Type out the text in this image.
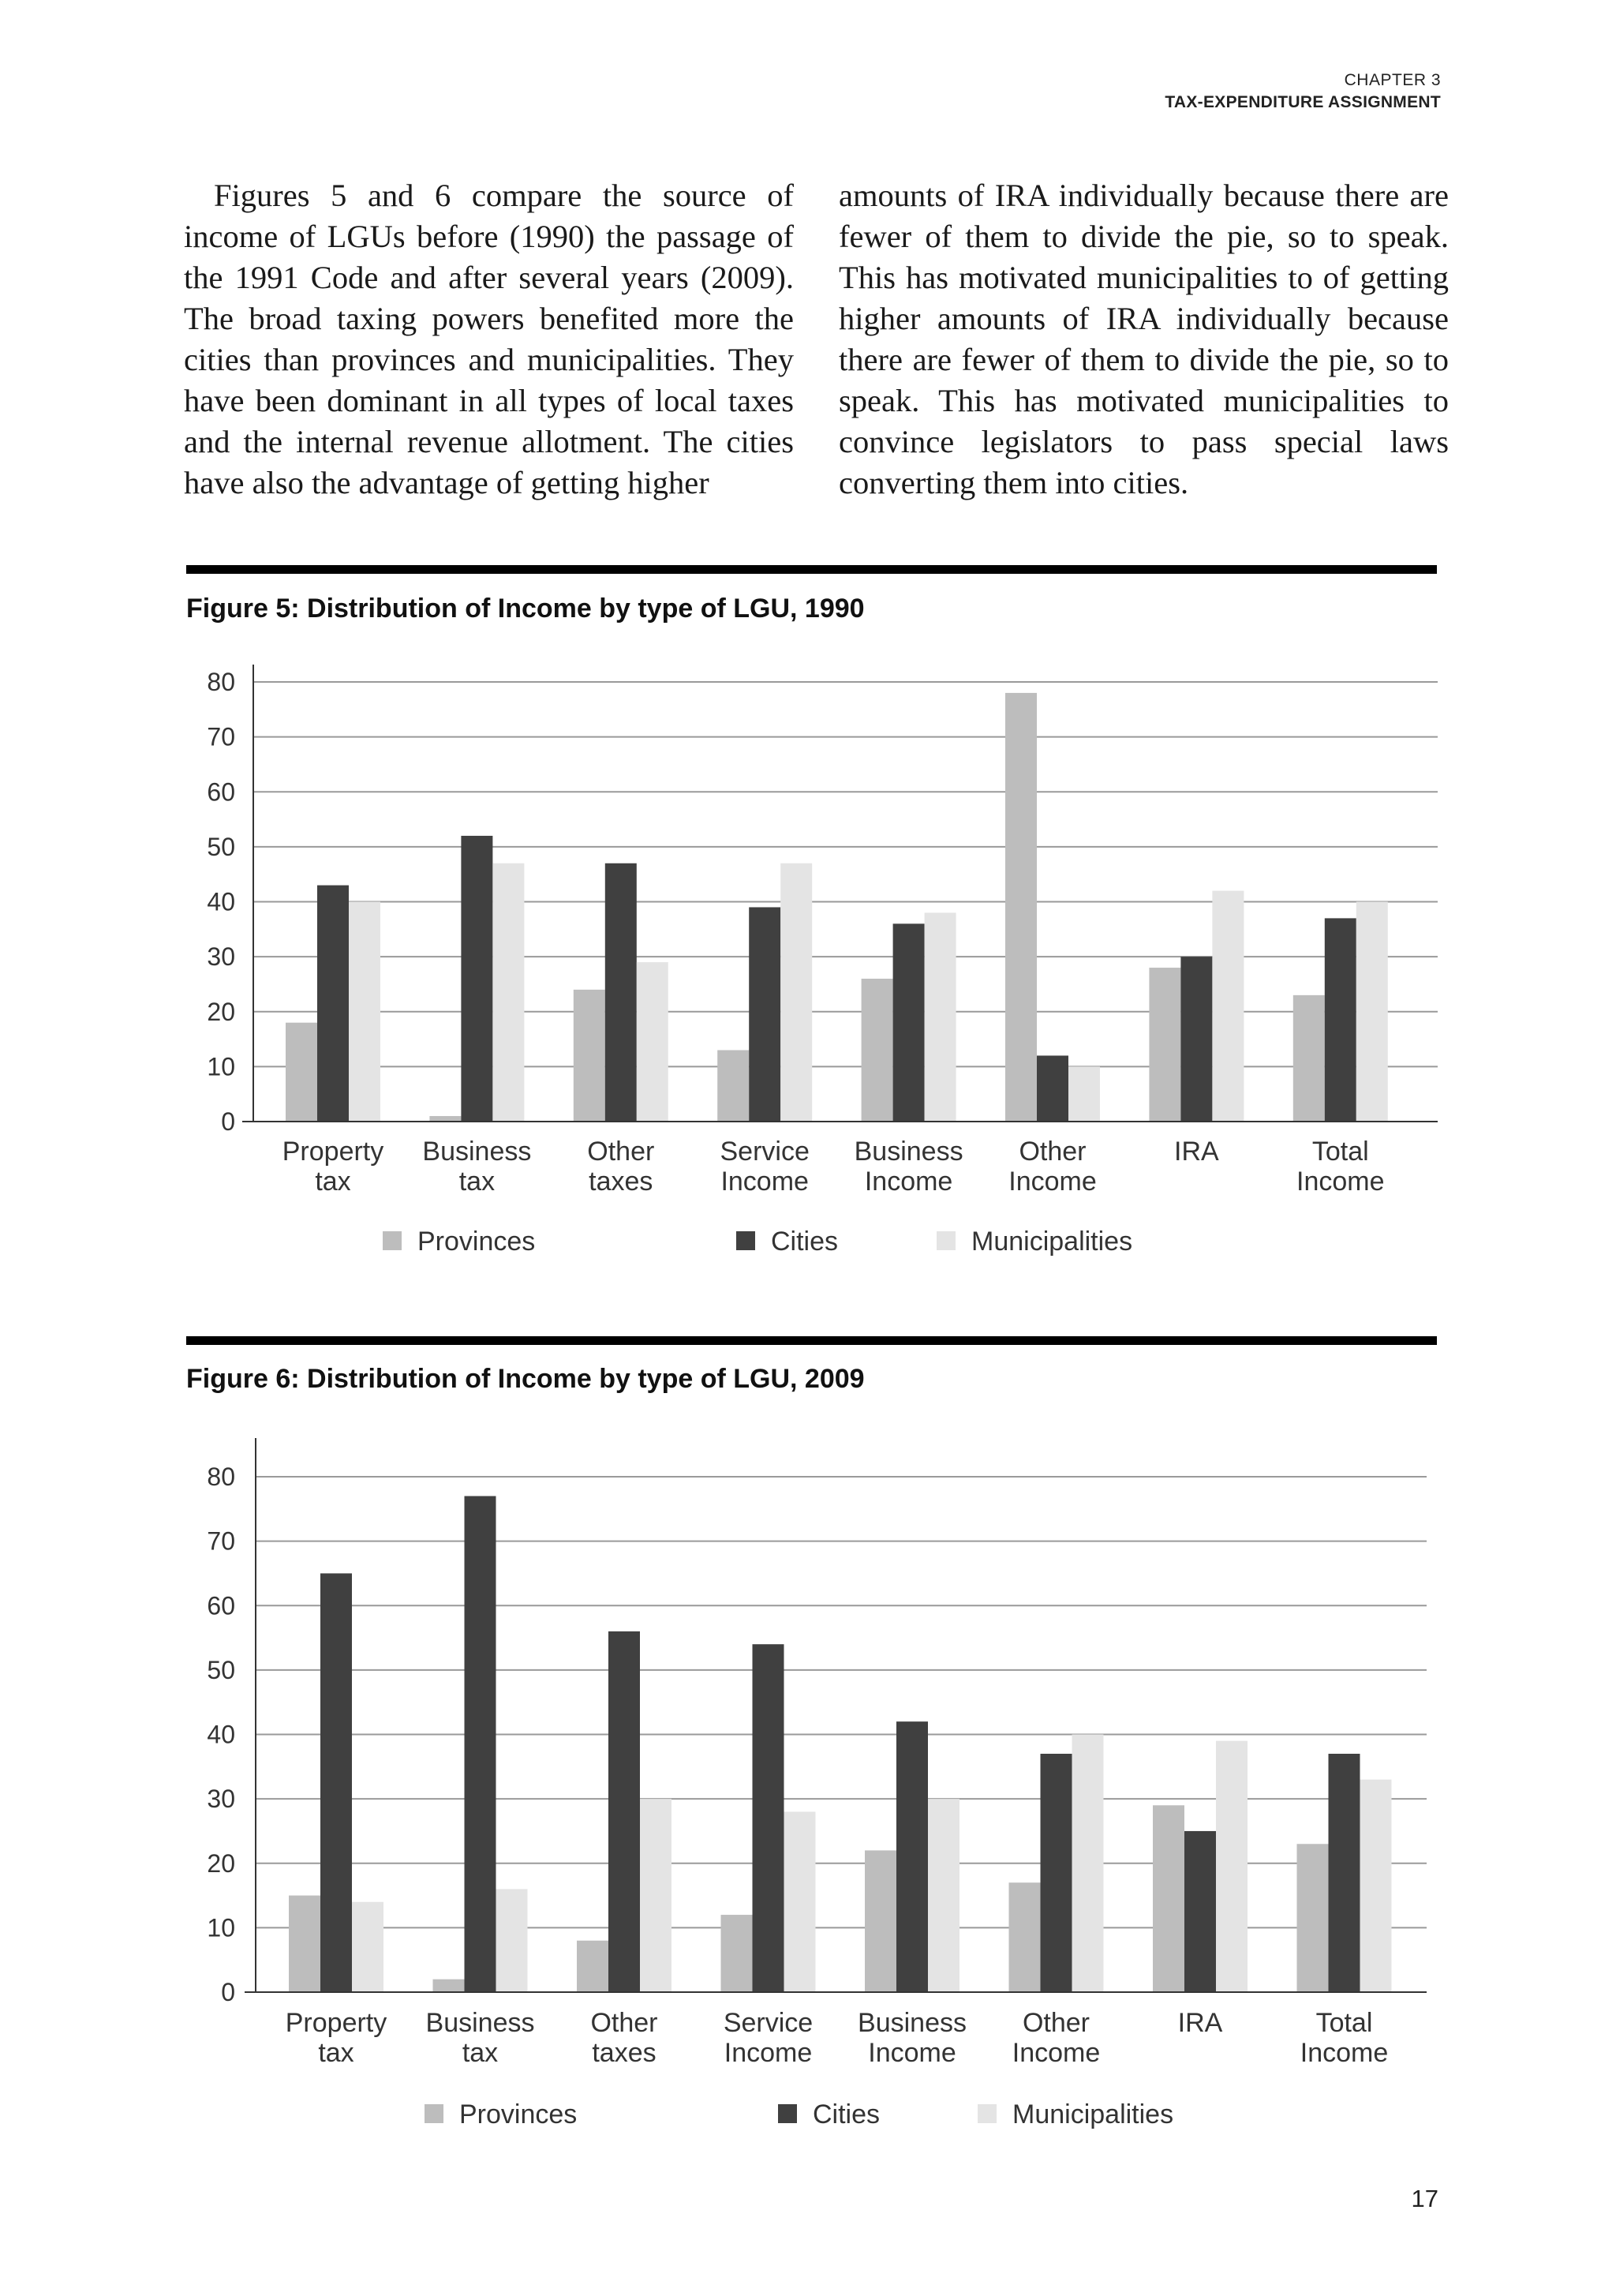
CHAPTER 3
TAX-EXPENDITURE ASSIGNMENT

Figures 5 and 6 compare the source of income of LGUs before (1990) the passage of the 1991 Code and after several years (2009). The broad taxing powers benefited more the cities than provinces and municipalities. They have been dominant in all types of local taxes and the internal revenue allotment. The cities have also the advantage of getting higher

amounts of IRA individually because there are fewer of them to divide the pie, so to speak. This has motivated municipalities to of getting higher amounts of IRA individually because there are fewer of them to divide the pie, so to speak. This has motivated municipalities to convince legislators to pass special laws converting them into cities.

Figure 5: Distribution of Income by type of LGU, 1990
0
10
20
30
40
50
60
70
80
Property tax
Business tax
Other taxes
Service Income
Business Income
Other Income
IRA	Total Income
Provinces	Cities	Municipalities
Figure 6: Distribution of Income by type of LGU, 2009
0
10
20
30
40
50
60
70
80
Property tax
Business tax
Other taxes
Service Income
Business Income
Other Income
IRA	Total Income
Provinces	Cities	Municipalities
17
